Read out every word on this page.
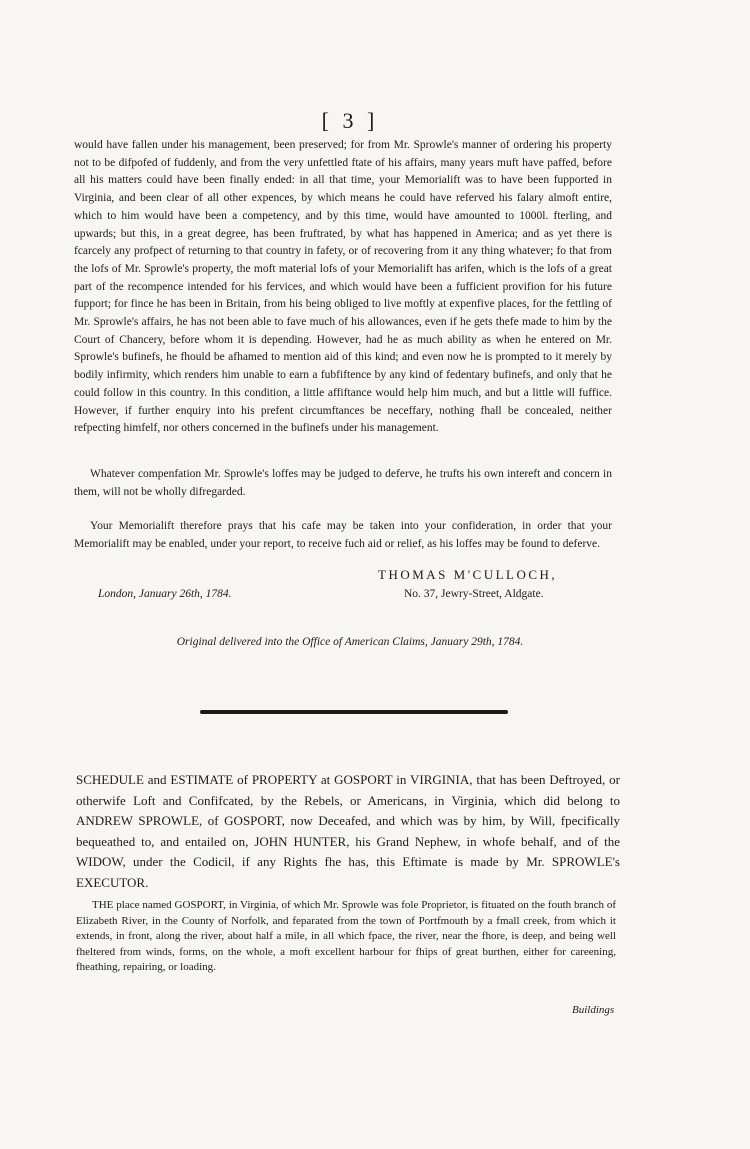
[ 3 ]

would have fallen under his management, been preserved; for from Mr. Sprowle's manner of ordering his property not to be difpofed of fuddenly, and from the very unfettled ftate of his affairs, many years muft have paffed, before all his matters could have been finally ended: in all that time, your Memorialift was to have been fupported in Virginia, and been clear of all other expences, by which means he could have referved his falary almoft entire, which to him would have been a competency, and by this time, would have amounted to 1000l. fterling, and upwards; but this, in a great degree, has been fruftrated, by what has happened in America; and as yet there is fcarcely any profpect of returning to that country in fafety, or of recovering from it any thing whatever; fo that from the lofs of Mr. Sprowle's property, the moft material lofs of your Memorialift has arifen, which is the lofs of a great part of the recompence intended for his fervices, and which would have been a fufficient provifion for his future fupport; for fince he has been in Britain, from his being obliged to live moftly at expenfive places, for the fettling of Mr. Sprowle's affairs, he has not been able to fave much of his allowances, even if he gets thefe made to him by the Court of Chancery, before whom it is depending. However, had he as much ability as when he entered on Mr. Sprowle's bufinefs, he fhould be afhamed to mention aid of this kind; and even now he is prompted to it merely by bodily infirmity, which renders him unable to earn a fubfiftence by any kind of fedentary bufinefs, and only that he could follow in this country. In this condition, a little affiftance would help him much, and but a little will fuffice. However, if further enquiry into his prefent circumftances be neceffary, nothing fhall be concealed, neither refpecting himfelf, nor others concerned in the bufinefs under his management.

Whatever compenfation Mr. Sprowle's loffes may be judged to deferve, he trufts his own intereft and concern in them, will not be wholly difregarded.

Your Memorialift therefore prays that his cafe may be taken into your confideration, in order that your Memorialift may be enabled, under your report, to receive fuch aid or relief, as his loffes may be found to deferve.

THOMAS M'CULLOCH,
No. 37, Jewry-Street, Aldgate.
London, January 26th, 1784.
Original delivered into the Office of American Claims, January 29th, 1784.

SCHEDULE and ESTIMATE of PROPERTY at GOSPORT in VIRGINIA, that has been Deftroyed, or otherwife Loft and Confifcated, by the Rebels, or Americans, in Virginia, which did belong to ANDREW SPROWLE, of GOSPORT, now Deceafed, and which was by him, by Will, fpecifically bequeathed to, and entailed on, JOHN HUNTER, his Grand Nephew, in whofe behalf, and of the WIDOW, under the Codicil, if any Rights fhe has, this Eftimate is made by Mr. SPROWLE's EXECUTOR.

THE place named GOSPORT, in Virginia, of which Mr. Sprowle was fole Proprietor, is fituated on the fouth branch of Elizabeth River, in the County of Norfolk, and feparated from the town of Portfmouth by a fmall creek, from which it extends, in front, along the river, about half a mile, in all which fpace, the river, near the fhore, is deep, and being well fheltered from winds, forms, on the whole, a moft excellent harbour for fhips of great burthen, either for careening, fheathing, repairing, or loading.

Buildings
